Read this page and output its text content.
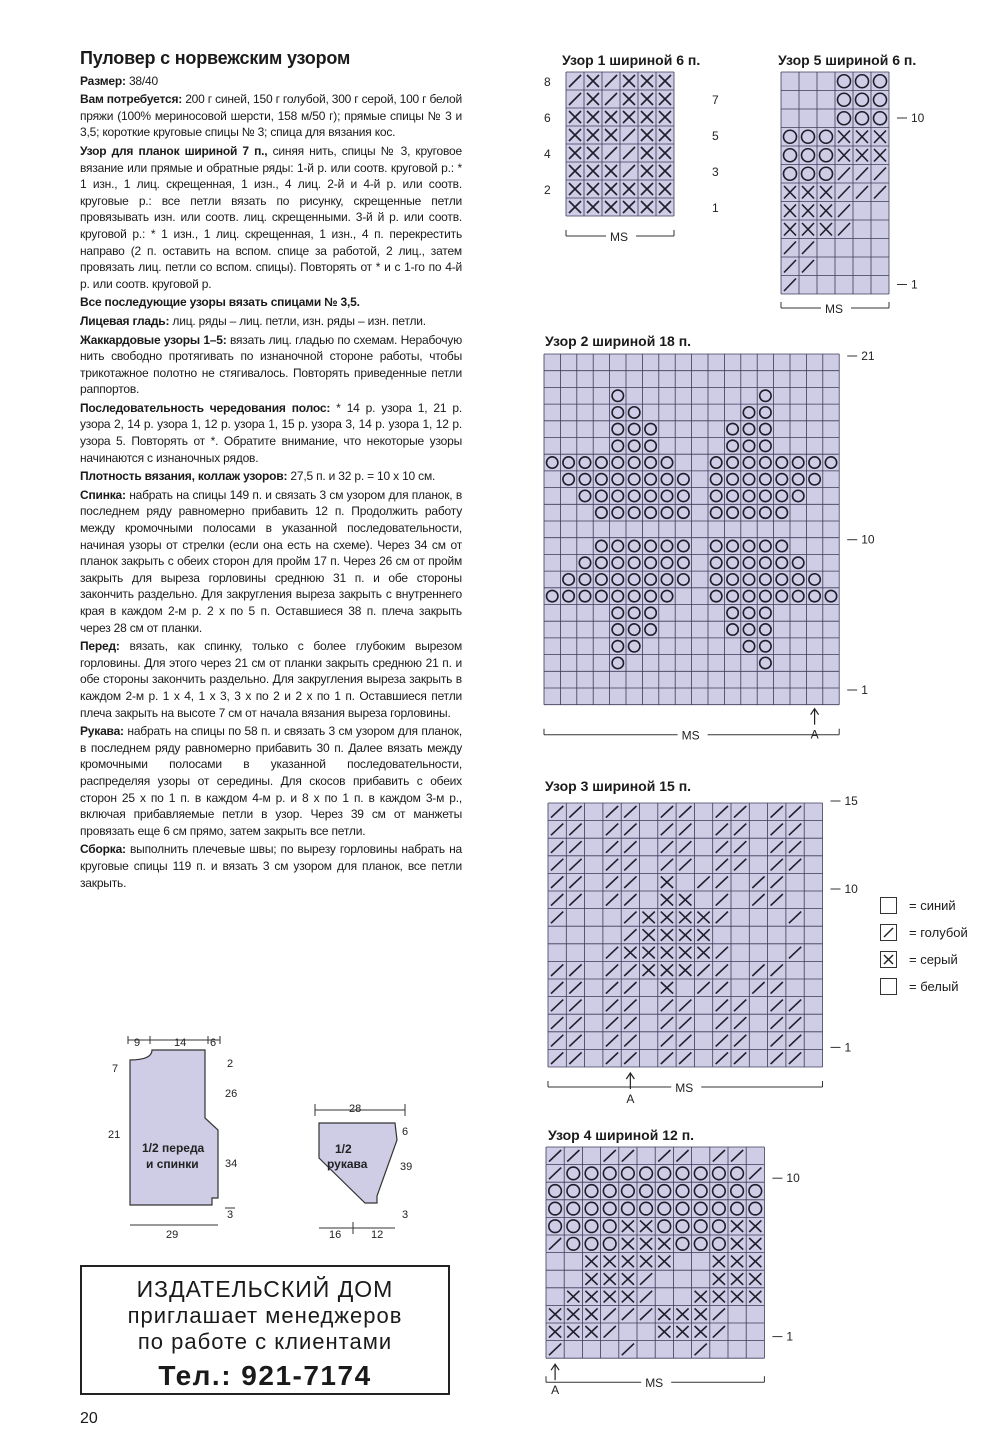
Пуловер с норвежским узором

Размер: 38/40

Вам потребуется: 200 г синей, 150 г голубой, 300 г серой, 100 г белой пряжи (100% мериносовой шерсти, 158 м/50 г); прямые спицы № 3 и 3,5; короткие круговые спицы № 3; спица для вязания кос.

Узор для планок шириной 7 п., синяя нить, спицы № 3, круговое вязание или прямые и обратные ряды: 1-й р. или соотв. круговой р.: * 1 изн., 1 лиц. скрещенная, 1 изн., 4 лиц. 2-й и 4-й р. или соотв. круговые р.: все петли вязать по рисунку, скрещенные петли провязывать изн. или соотв. лиц. скрещенными. 3-й й р. или соотв. круговой р.: * 1 изн., 1 лиц. скрещенная, 1 изн., 4 п. перекрестить направо (2 п. оставить на вспом. спице за работой, 2 лиц., затем провязать лиц. петли со вспом. спицы). Повторять от * и с 1-го по 4-й р. или соотв. круговой р.

Все последующие узоры вязать спицами № 3,5.

Лицевая гладь: лиц. ряды – лиц. петли, изн. ряды – изн. петли.

Жаккардовые узоры 1–5: вязать лиц. гладью по схемам. Нерабочую нить свободно протягивать по изнаночной стороне работы, чтобы трикотажное полотно не стягивалось. Повторять приведенные петли раппортов.

Последовательность чередования полос: * 14 р. узора 1, 21 р. узора 2, 14 р. узора 1, 12 р. узора 1, 15 р. узора 3, 14 р. узора 1, 12 р. узора 5. Повторять от *. Обратите внимание, что некоторые узоры начинаются с изнаночных рядов.

Плотность вязания, коллаж узоров: 27,5 п. и 32 р. = 10 х 10 см.

Спинка: набрать на спицы 149 п. и связать 3 см узором для планок, в последнем ряду равномерно прибавить 12 п. Продолжить работу между кромочными полосами в указанной последовательности, начиная узоры от стрелки (если она есть на схеме). Через 34 см от планок закрыть с обеих сторон для пройм 17 п. Через 26 см от пройм закрыть для выреза горловины среднюю 31 п. и обе стороны закончить раздельно. Для закругления выреза закрыть с внутреннего края в каждом 2-м р. 2 х по 5 п. Оставшиеся 38 п. плеча закрыть через 28 см от планки.

Перед: вязать, как спинку, только с более глубоким вырезом горловины. Для этого через 21 см от планки закрыть среднюю 21 п. и обе стороны закончить раздельно. Для закругления выреза закрыть в каждом 2-м р. 1 х 4, 1 х 3, 3 х по 2 и 2 х по 1 п. Оставшиеся петли плеча закрыть на высоте 7 см от начала вязания выреза горловины.

Рукава: набрать на спицы по 58 п. и связать 3 см узором для планок, в последнем ряду равномерно прибавить 30 п. Далее вязать между кромочными полосами в указанной последовательности, распределяя узоры от середины. Для скосов прибавить с обеих сторон 25 х по 1 п. в каждом 4-м р. и 8 х по 1 п. в каждом 3-м р., включая прибавляемые петли в узор. Через 39 см от манжеты провязать еще 6 см прямо, затем закрыть все петли.

Сборка: выполнить плечевые швы; по вырезу горловины набрать на круговые спицы 119 п. и вязать 3 см узором для планок, все петли закрыть.

9	14 6
7
21
2
26
34
3
29
1/2 переда
и спинки
28
1/2
рукава
6
39
3
16	12
Узор 1 шириной 6 п.	Узор 5 шириной 6 п.
Узор 2 шириной 18 п.
Узор 3 шириной 15 п.
Узор 4 шириной 12 п.
8
6
4
2
7
5
3
1
MS
10
1
MS
21
10
1
MS	A
15
10
1
MS
A
10
1
MS
A
= синий
= голубой
= серый
= белый
ИЗДАТЕЛЬСКИЙ ДОМ
приглашает менеджеров
по работе с клиентами
Тел.: 921-7174
20
